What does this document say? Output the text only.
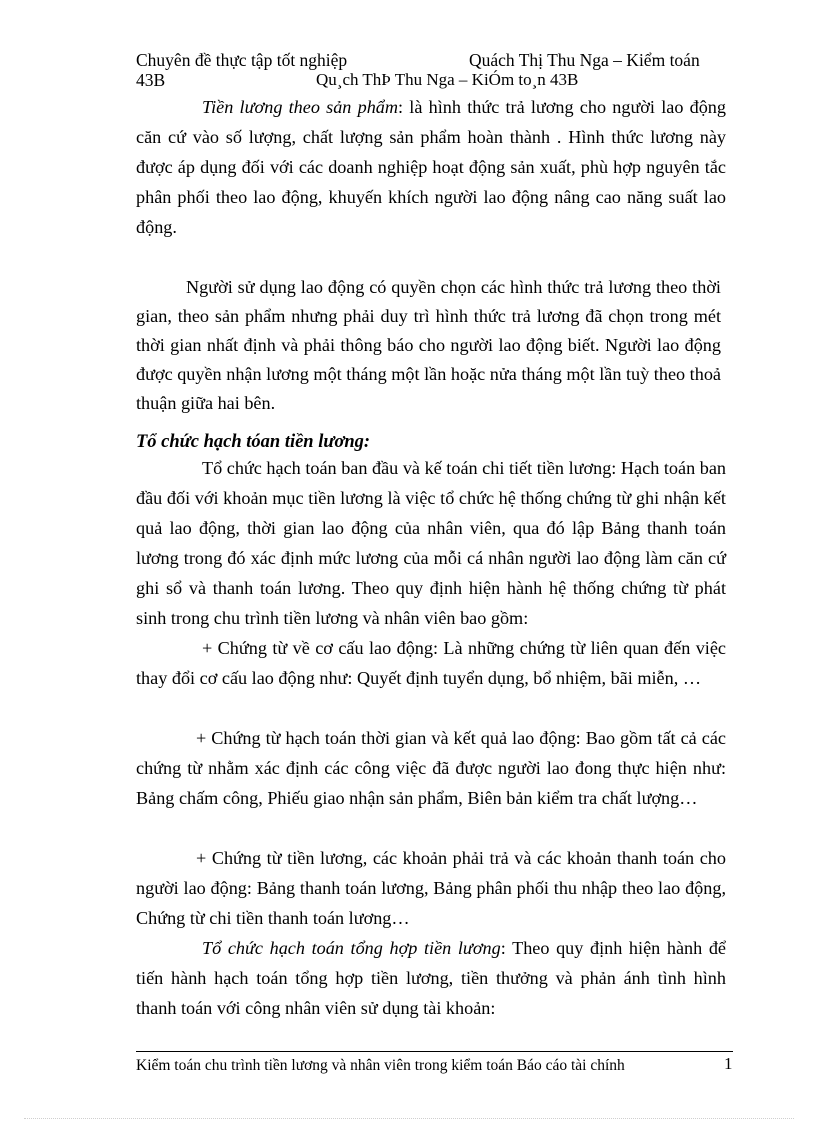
Chuyên đề thực tập tốt nghiệp	Quách Thị Thu Nga – Kiểm toán
43B	Qu¸ch ThÞ Thu Nga – KiÓm to¸n 43B
Tiền lương theo sản phẩm: là hình thức trả lương cho người lao động căn cứ vào số lượng, chất lượng sản phẩm hoàn thành . Hình thức lương này được áp dụng đối với các doanh nghiệp hoạt động sản xuất, phù hợp nguyên tắc phân phối theo lao động, khuyến khích người lao động nâng cao năng suất lao động.
Người sử dụng lao động có quyền chọn các hình thức trả lương theo thời gian, theo sản phẩm nhưng phải duy trì hình thức trả lương đã chọn trong mét thời gian nhất định và phải thông báo cho người lao động biết. Người lao động được quyền nhận lương một tháng một lần hoặc nửa tháng một lần tuỳ theo thoả thuận giữa hai bên.
Tổ chức hạch tóan tiền lương:
Tổ chức hạch toán ban đầu và kế toán chi tiết tiền lương: Hạch toán ban đầu đối với khoản mục tiền lương là việc tổ chức hệ thống chứng từ ghi nhận kết quả lao động, thời gian lao động của nhân viên, qua đó lập Bảng thanh toán lương trong đó xác định mức lương của mỗi cá nhân người lao động làm căn cứ ghi sổ và thanh toán lương. Theo quy định hiện hành hệ thống chứng từ phát sinh trong chu trình tiền lương và nhân viên bao gồm:
+ Chứng từ về cơ cấu lao động: Là những chứng từ liên quan đến việc thay đổi cơ cấu lao động như: Quyết định tuyển dụng, bổ nhiệm, bãi miễn, …
+ Chứng từ hạch toán thời gian và kết quả lao động: Bao gồm tất cả các chứng từ nhằm xác định các công việc đã được người lao đong thực hiện như: Bảng chấm công, Phiếu giao nhận sản phẩm, Biên bản kiểm tra chất lượng…
+ Chứng từ tiền lương, các khoản phải trả và các khoản thanh toán cho người lao động: Bảng thanh toán lương, Bảng phân phối thu nhập theo lao động, Chứng từ chi tiền thanh toán lương…
Tổ chức hạch toán tổng hợp tiền lương: Theo quy định hiện hành để tiến hành hạch toán tổng hợp tiền lương, tiền thưởng và phản ánh tình hình thanh toán với công nhân viên sử dụng tài khoản:
Kiểm toán chu trình tiền lương và nhân viên trong kiểm toán Báo cáo tài chính	1
